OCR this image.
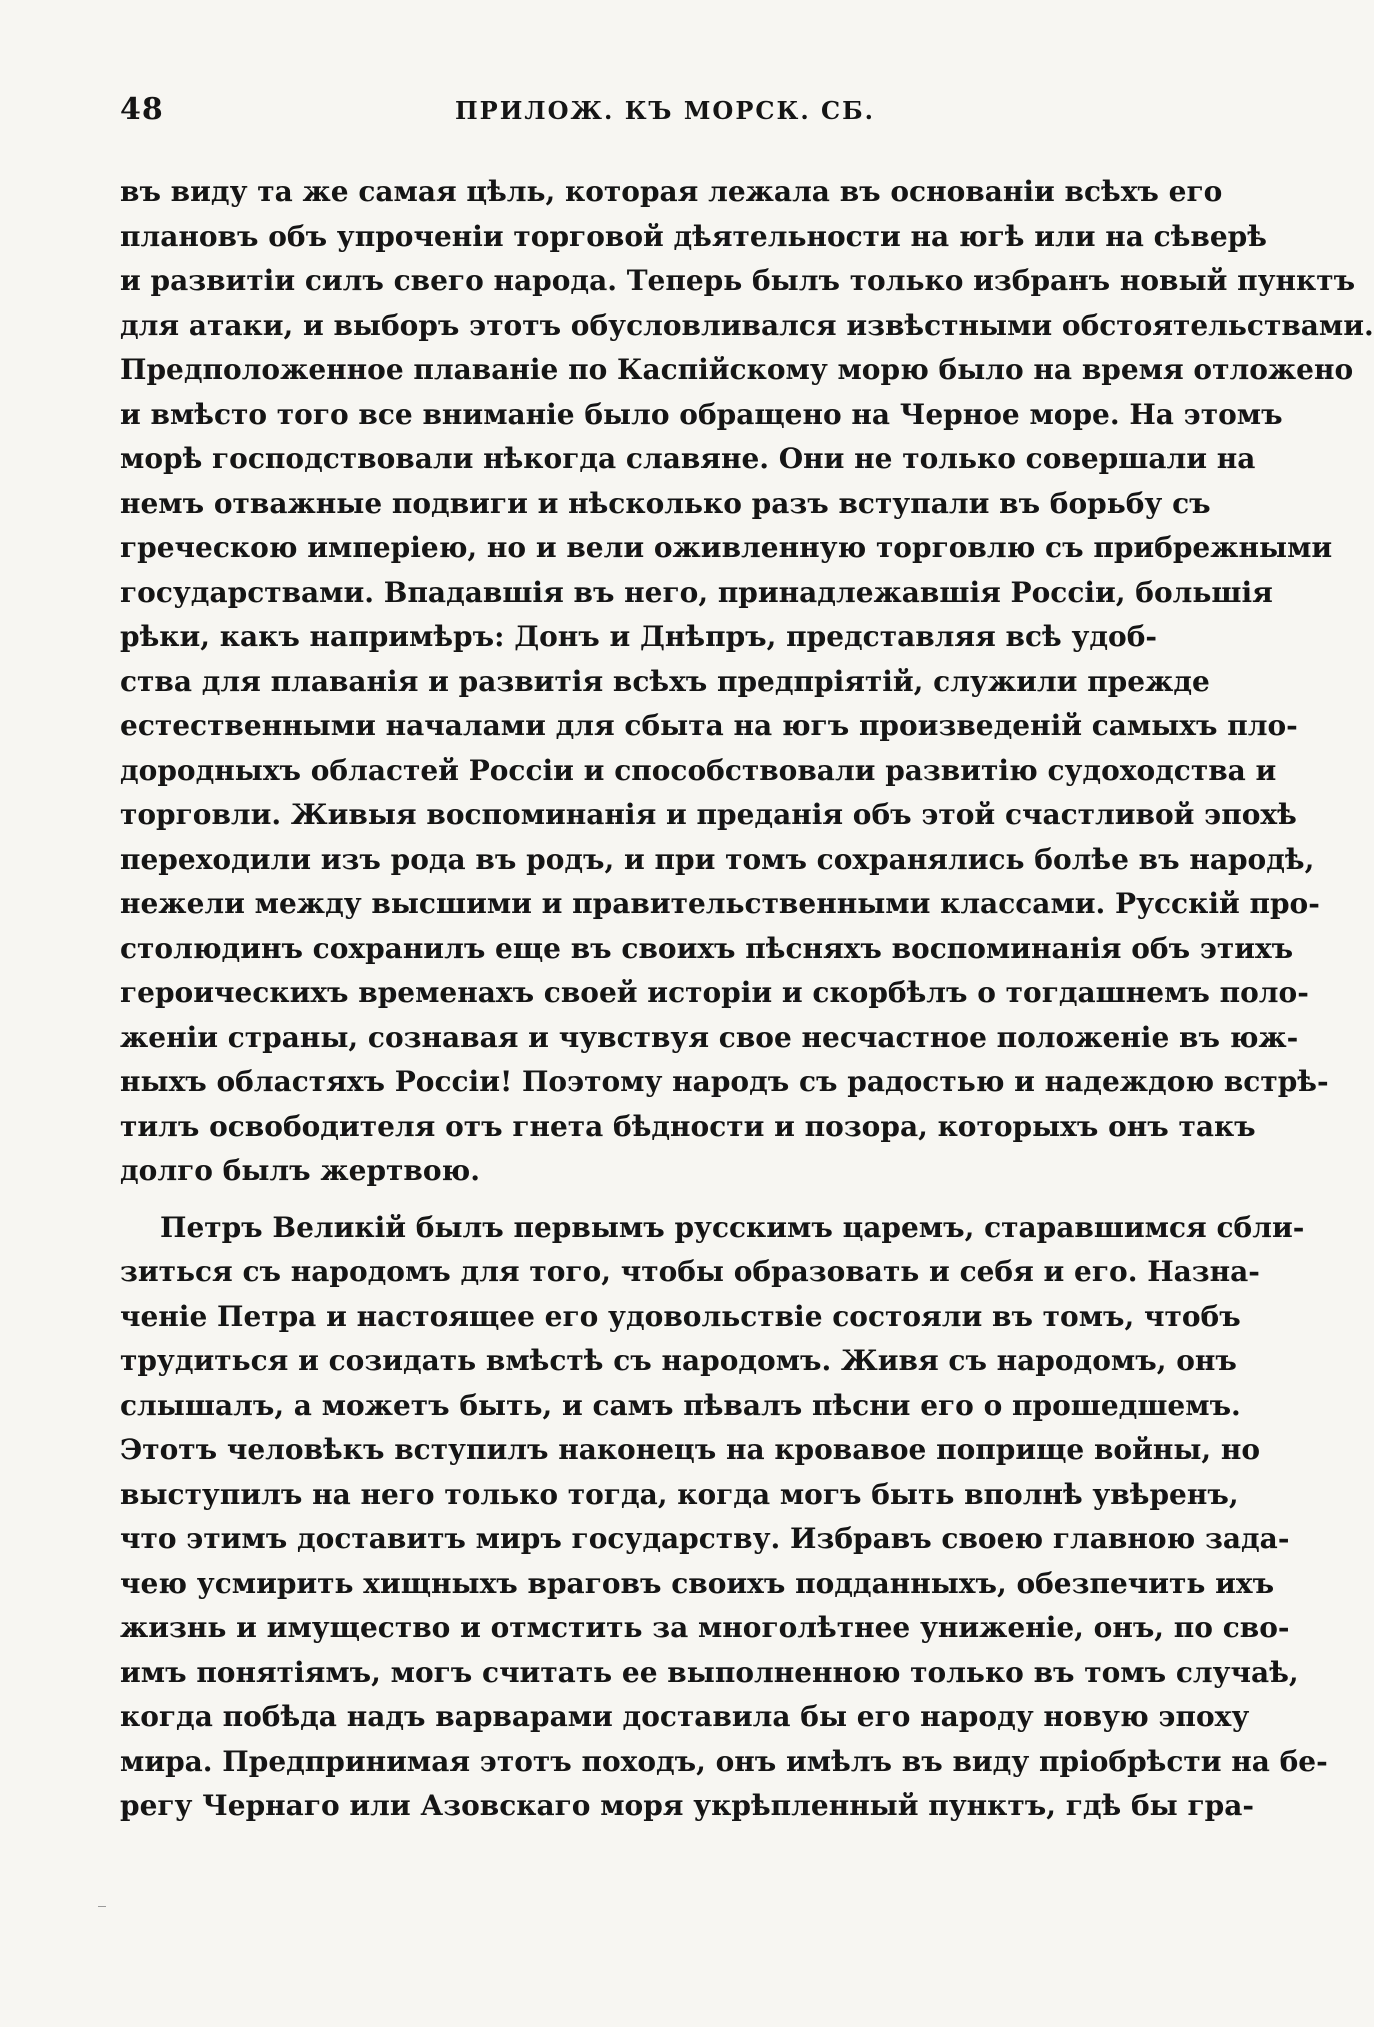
48	ПРИЛОЖ. КЪ МОРСК. СБ.
въ виду та же самая цѣль, которая лежала въ основаніи всѣхъ его
плановъ объ упроченіи торговой дѣятельности на югѣ или на сѣверѣ
и развитіи силъ свего народа. Теперь былъ только избранъ новый пунктъ
для атаки, и выборъ этотъ обусловливался извѣстными обстоятельствами.
Предположенное плаваніе по Каспійскому морю было на время отложено
и вмѣсто того все вниманіе было обращено на Черное море. На этомъ
морѣ господствовали нѣкогда славяне. Они не только совершали на
немъ отважные подвиги и нѣсколько разъ вступали въ борьбу съ
греческою имперіею, но и вели оживленную торговлю съ прибрежными
государствами. Впадавшія въ него, принадлежавшія Россіи, большія
рѣки, какъ напримѣръ: Донъ и Днѣпръ, представляя всѣ удоб-
ства для плаванія и развитія всѣхъ предпріятій, служили прежде
естественными началами для сбыта на югъ произведеній самыхъ пло-
дородныхъ областей Россіи и способствовали развитію судоходства и
торговли. Живыя воспоминанія и преданія объ этой счастливой эпохѣ
переходили изъ рода въ родъ, и при томъ сохранялись болѣе въ народѣ,
нежели между высшими и правительственными классами. Русскій про-
столюдинъ сохранилъ еще въ своихъ пѣсняхъ воспоминанія объ этихъ
героическихъ временахъ своей исторіи и скорбѣлъ о тогдашнемъ поло-
женіи страны, сознавая и чувствуя свое несчастное положеніе въ юж-
ныхъ областяхъ Россіи! Поэтому народъ съ радостью и надеждою встрѣ-
тилъ освободителя отъ гнета бѣдности и позора, которыхъ онъ такъ
долго былъ жертвою.
Петръ Великій былъ первымъ русскимъ царемъ, старавшимся сбли-
зиться съ народомъ для того, чтобы образовать и себя и его. Назна-
ченіе Петра и настоящее его удовольствіе состояли въ томъ, чтобъ
трудиться и созидать вмѣстѣ съ народомъ. Живя съ народомъ, онъ
слышалъ, а можетъ быть, и самъ пѣвалъ пѣсни его о прошедшемъ.
Этотъ человѣкъ вступилъ наконецъ на кровавое поприще войны, но
выступилъ на него только тогда, когда могъ быть вполнѣ увѣренъ,
что этимъ доставитъ миръ государству. Избравъ своею главною зада-
чею усмирить хищныхъ враговъ своихъ подданныхъ, обезпечить ихъ
жизнь и имущество и отмстить за многолѣтнее униженіе, онъ, по сво-
имъ понятіямъ, могъ считать ее выполненною только въ томъ случаѣ,
когда побѣда надъ варварами доставила бы его народу новую эпоху
мира. Предпринимая этотъ походъ, онъ имѣлъ въ виду пріобрѣсти на бе-
регу Чернаго или Азовскаго моря укрѣпленный пунктъ, гдѣ бы гра-
